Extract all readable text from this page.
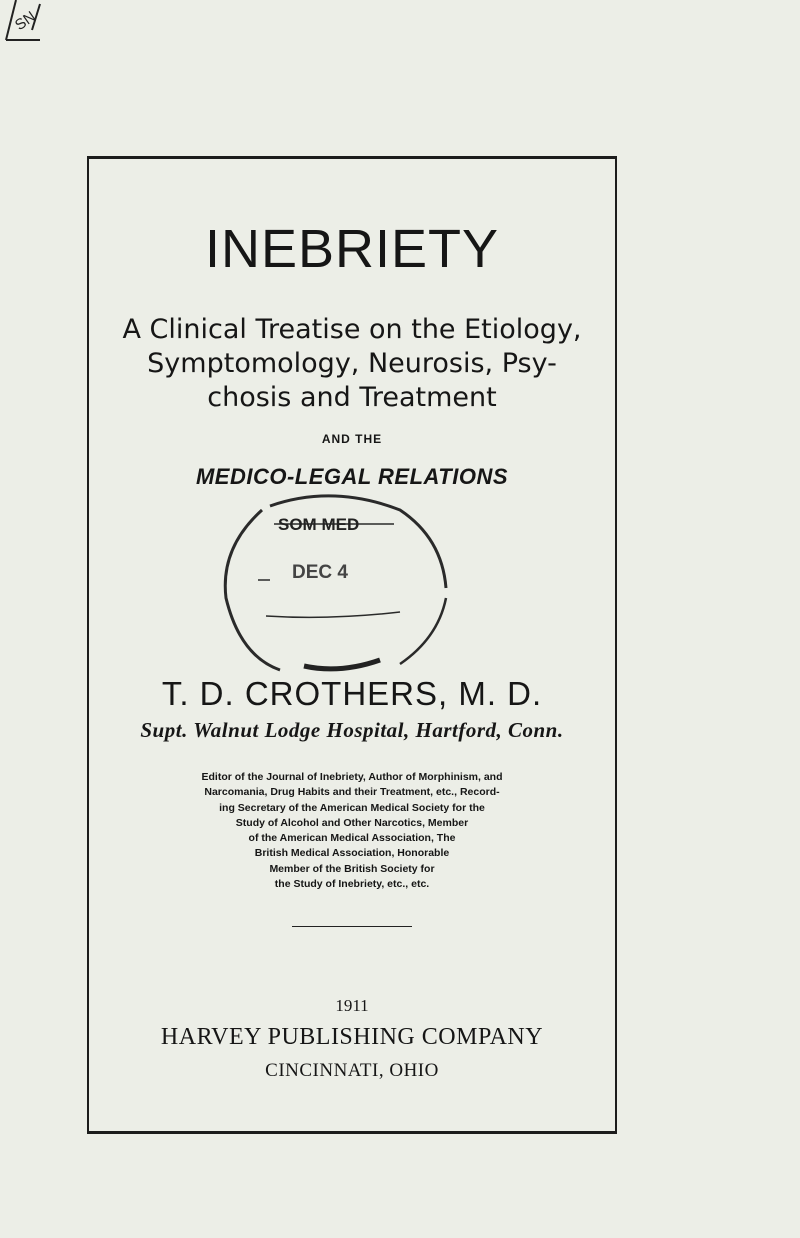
SN
INEBRIETY
A Clinical Treatise on the Etiology,
Symptomology, Neurosis, Psy-
chosis and Treatment
AND THE
MEDICO-LEGAL RELATIONS
SOM MED
DEC 4
T. D. CROTHERS, M. D.
Supt. Walnut Lodge Hospital, Hartford, Conn.
Editor of the Journal of Inebriety, Author of Morphinism, and
Narcomania, Drug Habits and their Treatment, etc., Record-
ing Secretary of the American Medical Society for the
Study of Alcohol and Other Narcotics, Member
of the American Medical Association, The
British Medical Association, Honorable
Member of the British Society for
the Study of Inebriety, etc., etc.
1911
HARVEY PUBLISHING COMPANY
CINCINNATI, OHIO
